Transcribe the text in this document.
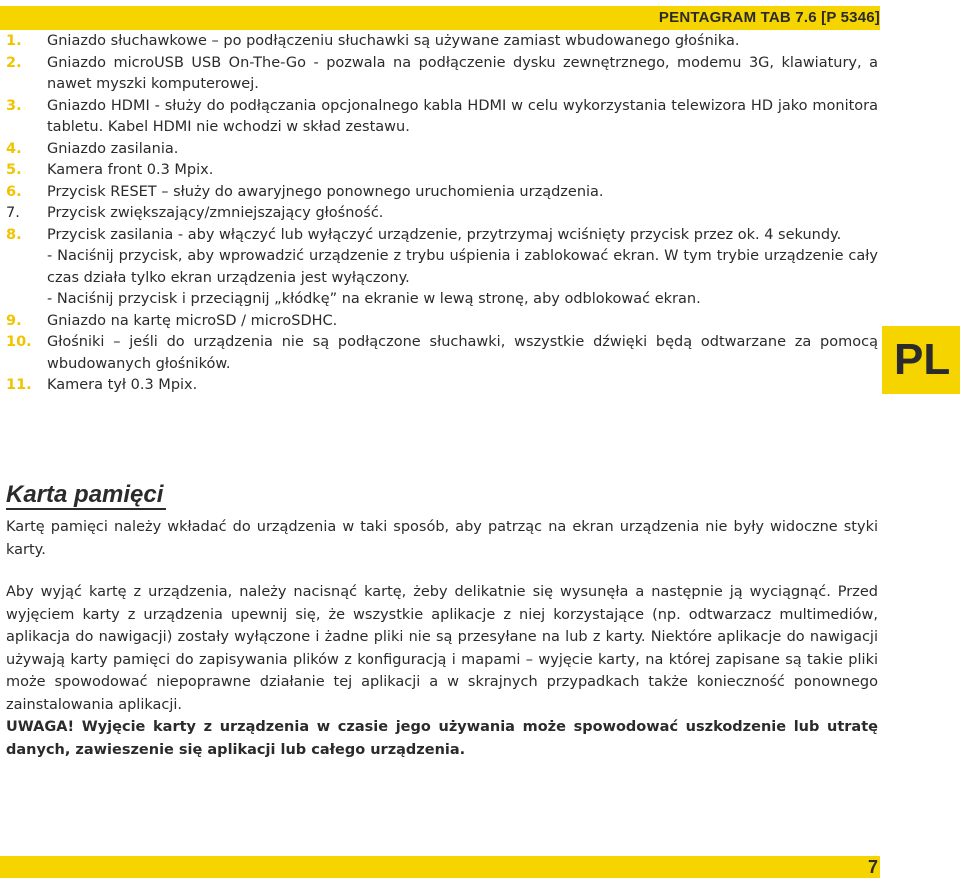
PENTAGRAM TAB 7.6 [P 5346]
1. Gniazdo słuchawkowe – po podłączeniu słuchawki są używane zamiast wbudowanego głośnika.

2. Gniazdo microUSB USB On-The-Go - pozwala na podłączenie dysku zewnętrznego, modemu 3G, klawiatury, a nawet myszki komputerowej.

3. Gniazdo HDMI - służy do podłączania opcjonalnego kabla HDMI w celu wykorzystania telewizora HD jako monitora tabletu. Kabel HDMI nie wchodzi w skład zestawu.

4. Gniazdo zasilania.

5. Kamera front 0.3 Mpix.

6. Przycisk RESET – służy do awaryjnego ponownego uruchomienia urządzenia.

7. Przycisk zwiększający/zmniejszający głośność.

8. Przycisk zasilania - aby włączyć lub wyłączyć urządzenie, przytrzymaj wciśnięty przycisk przez ok. 4 sekundy.

- Naciśnij przycisk, aby wprowadzić urządzenie z trybu uśpienia i zablokować ekran. W tym trybie urządzenie cały czas działa tylko ekran urządzenia jest wyłączony.

- Naciśnij przycisk i przeciągnij „kłódkę” na ekranie w lewą stronę, aby odblokować ekran.

9. Gniazdo na kartę microSD / microSDHC.

10. Głośniki – jeśli do urządzenia nie są podłączone słuchawki, wszystkie dźwięki będą odtwarzane za pomocą wbudowanych głośników.

11. Kamera tył 0.3 Mpix.

PL
Karta pamięci

Kartę pamięci należy wkładać do urządzenia w taki sposób, aby patrząc na ekran urządzenia nie były widoczne styki karty.

Aby wyjąć kartę z urządzenia, należy nacisnąć kartę, żeby delikatnie się wysunęła a następnie ją wyciągnąć. Przed wyjęciem karty z urządzenia upewnij się, że wszystkie aplikacje z niej korzystające (np. odtwarzacz multimediów, aplikacja do nawigacji) zostały wyłączone i żadne pliki nie są przesyłane na lub z karty. Niektóre aplikacje do nawigacji używają karty pamięci do zapisywania plików z konfiguracją i mapami – wyjęcie karty, na której zapisane są takie pliki może spowodować niepoprawne działanie tej aplikacji a w skrajnych przypadkach także konieczność ponownego zainstalowania aplikacji.

UWAGA! Wyjęcie karty z urządzenia w czasie jego używania może spowodować uszkodzenie lub utratę danych, zawieszenie się aplikacji lub całego urządzenia.

7
